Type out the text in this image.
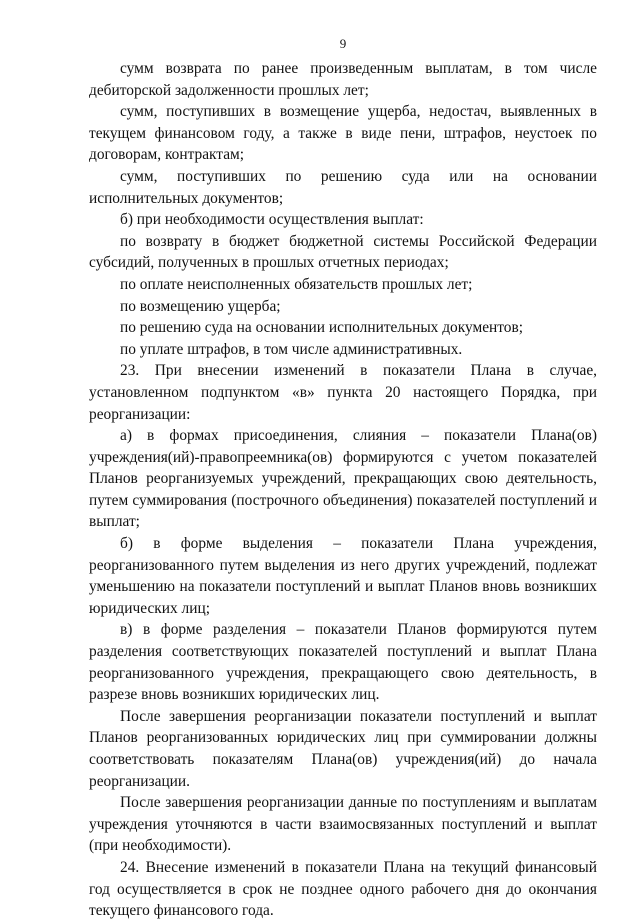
9

сумм возврата по ранее произведенным выплатам, в том числе дебиторской задолженности прошлых лет;

сумм, поступивших в возмещение ущерба, недостач, выявленных в текущем финансовом году, а также в виде пени, штрафов, неустоек по договорам, контрактам;

сумм, поступивших по решению суда или на основании исполнительных документов;

б) при необходимости осуществления выплат:

по возврату в бюджет бюджетной системы Российской Федерации субсидий, полученных в прошлых отчетных периодах;

по оплате неисполненных обязательств прошлых лет;

по возмещению ущерба;

по решению суда на основании исполнительных документов;

по уплате штрафов, в том числе административных.

23. При внесении изменений в показатели Плана в случае, установленном подпунктом «в» пункта 20 настоящего Порядка, при реорганизации:

а) в формах присоединения, слияния – показатели Плана(ов) учреждения(ий)-правопреемника(ов) формируются с учетом показателей Планов реорганизуемых учреждений, прекращающих свою деятельность, путем суммирования (построчного объединения) показателей поступлений и выплат;

б) в форме выделения – показатели Плана учреждения, реорганизованного путем выделения из него других учреждений, подлежат уменьшению на показатели поступлений и выплат Планов вновь возникших юридических лиц;

в) в форме разделения – показатели Планов формируются путем разделения соответствующих показателей поступлений и выплат Плана реорганизованного учреждения, прекращающего свою деятельность, в разрезе вновь возникших юридических лиц.

После завершения реорганизации показатели поступлений и выплат Планов реорганизованных юридических лиц при суммировании должны соответствовать показателям Плана(ов) учреждения(ий) до начала реорганизации.

После завершения реорганизации данные по поступлениям и выплатам учреждения уточняются в части взаимосвязанных поступлений и выплат (при необходимости).

24. Внесение изменений в показатели Плана на текущий финансовый год осуществляется в срок не позднее одного рабочего дня до окончания текущего финансового года.
